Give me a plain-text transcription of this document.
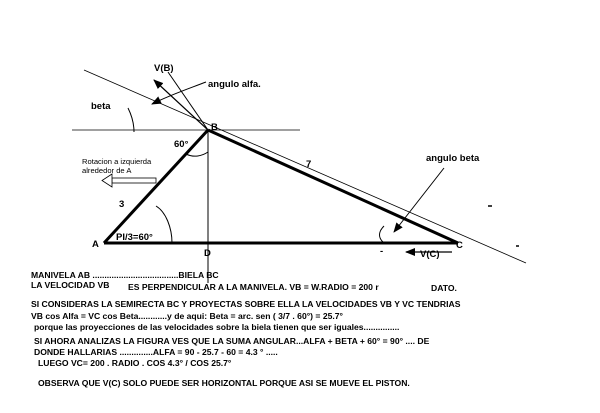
V(B)
angulo alfa.
beta
B
60°
Rotacion a izquierda
alrededor de A
3
7
angulo beta
A
PI/3=60°
D
C
V(C)
-
MANIVELA AB ....................................BIELA BC
LA VELOCIDAD VB ES PERPENDICULAR A LA MANIVELA. VB = W.RADIO = 200 r	DATO.
SI CONSIDERAS LA SEMIRECTA BC Y PROYECTAS SOBRE ELLA LA VELOCIDADES VB Y VC TENDRIAS
VB cos Alfa = VC cos Beta............y de aqui: Beta = arc. sen ( 3/7 . 60°) = 25.7°
porque las proyecciones de las velocidades sobre la biela tienen que ser iguales...............
SI AHORA ANALIZAS LA FIGURA VES QUE LA SUMA ANGULAR...ALFA + BETA + 60° = 90° .... DE
DONDE HALLARIAS ..............ALFA = 90 - 25.7 - 60 = 4.3 ° .....
LUEGO VC= 200 . RADIO . COS 4.3° / COS 25.7°
OBSERVA QUE V(C) SOLO PUEDE SER HORIZONTAL PORQUE ASI SE MUEVE EL PISTON.
